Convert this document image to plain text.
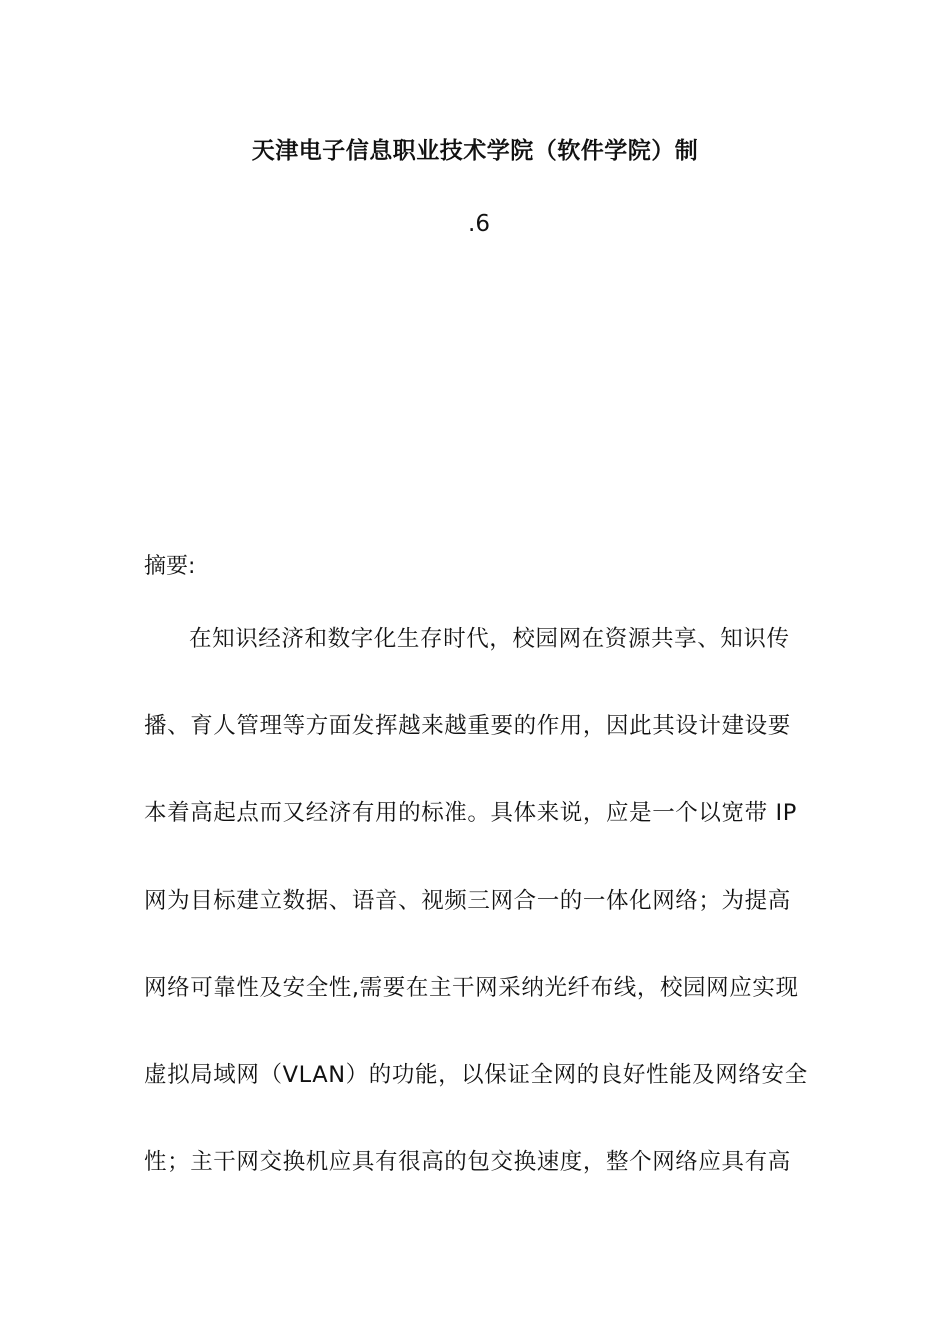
天津电子信息职业技术学院（软件学院）制
.6
摘要:
在知识经济和数字化生存时代，校园网在资源共享、知识传
播、育人管理等方面发挥越来越重要的作用，因此其设计建设要
本着高起点而又经济有用的标准。具体来说，应是一个以宽带 IP
网为目标建立数据、语音、视频三网合一的一体化网络；为提高
网络可靠性及安全性,需要在主干网采纳光纤布线，校园网应实现
虚拟局域网（VLAN）的功能，以保证全网的良好性能及网络安全
性；主干网交换机应具有很高的包交换速度，整个网络应具有高
